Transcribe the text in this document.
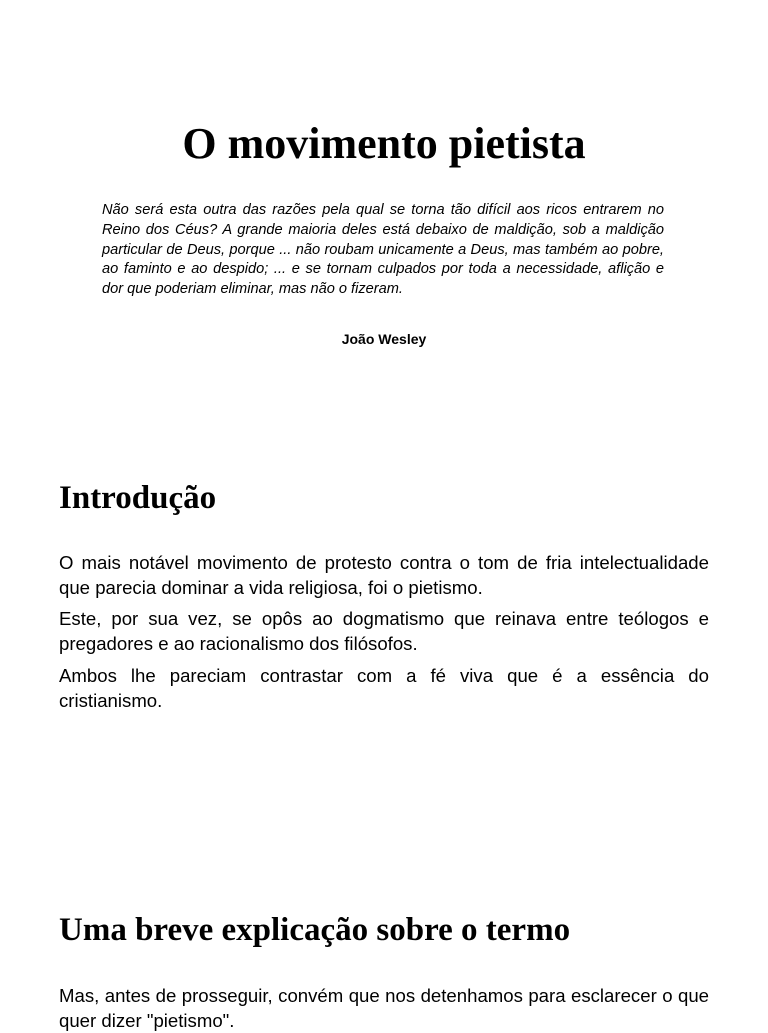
O movimento pietista

Não será esta outra das razões pela qual se torna tão difícil aos ricos entrarem no Reino dos Céus? A grande maioria deles está debaixo de maldição, sob a maldição particular de Deus, porque ... não roubam unicamente a Deus, mas também ao pobre, ao faminto e ao despido; ... e se tornam culpados por toda a necessidade, aflição e dor que poderiam eliminar, mas não o fizeram.

João Wesley

Introdução

O mais notável movimento de protesto contra o tom de fria intelectualidade que parecia dominar a vida religiosa, foi o pietismo.

Este, por sua vez, se opôs ao dogmatismo que reinava entre teólogos e pregadores e ao racionalismo dos filósofos.

Ambos lhe pareciam contrastar com a fé viva que é a essência do cristianismo.

Uma breve explicação sobre o termo

Mas, antes de prosseguir, convém que nos detenhamos para esclarecer o que quer dizer "pietismo".
